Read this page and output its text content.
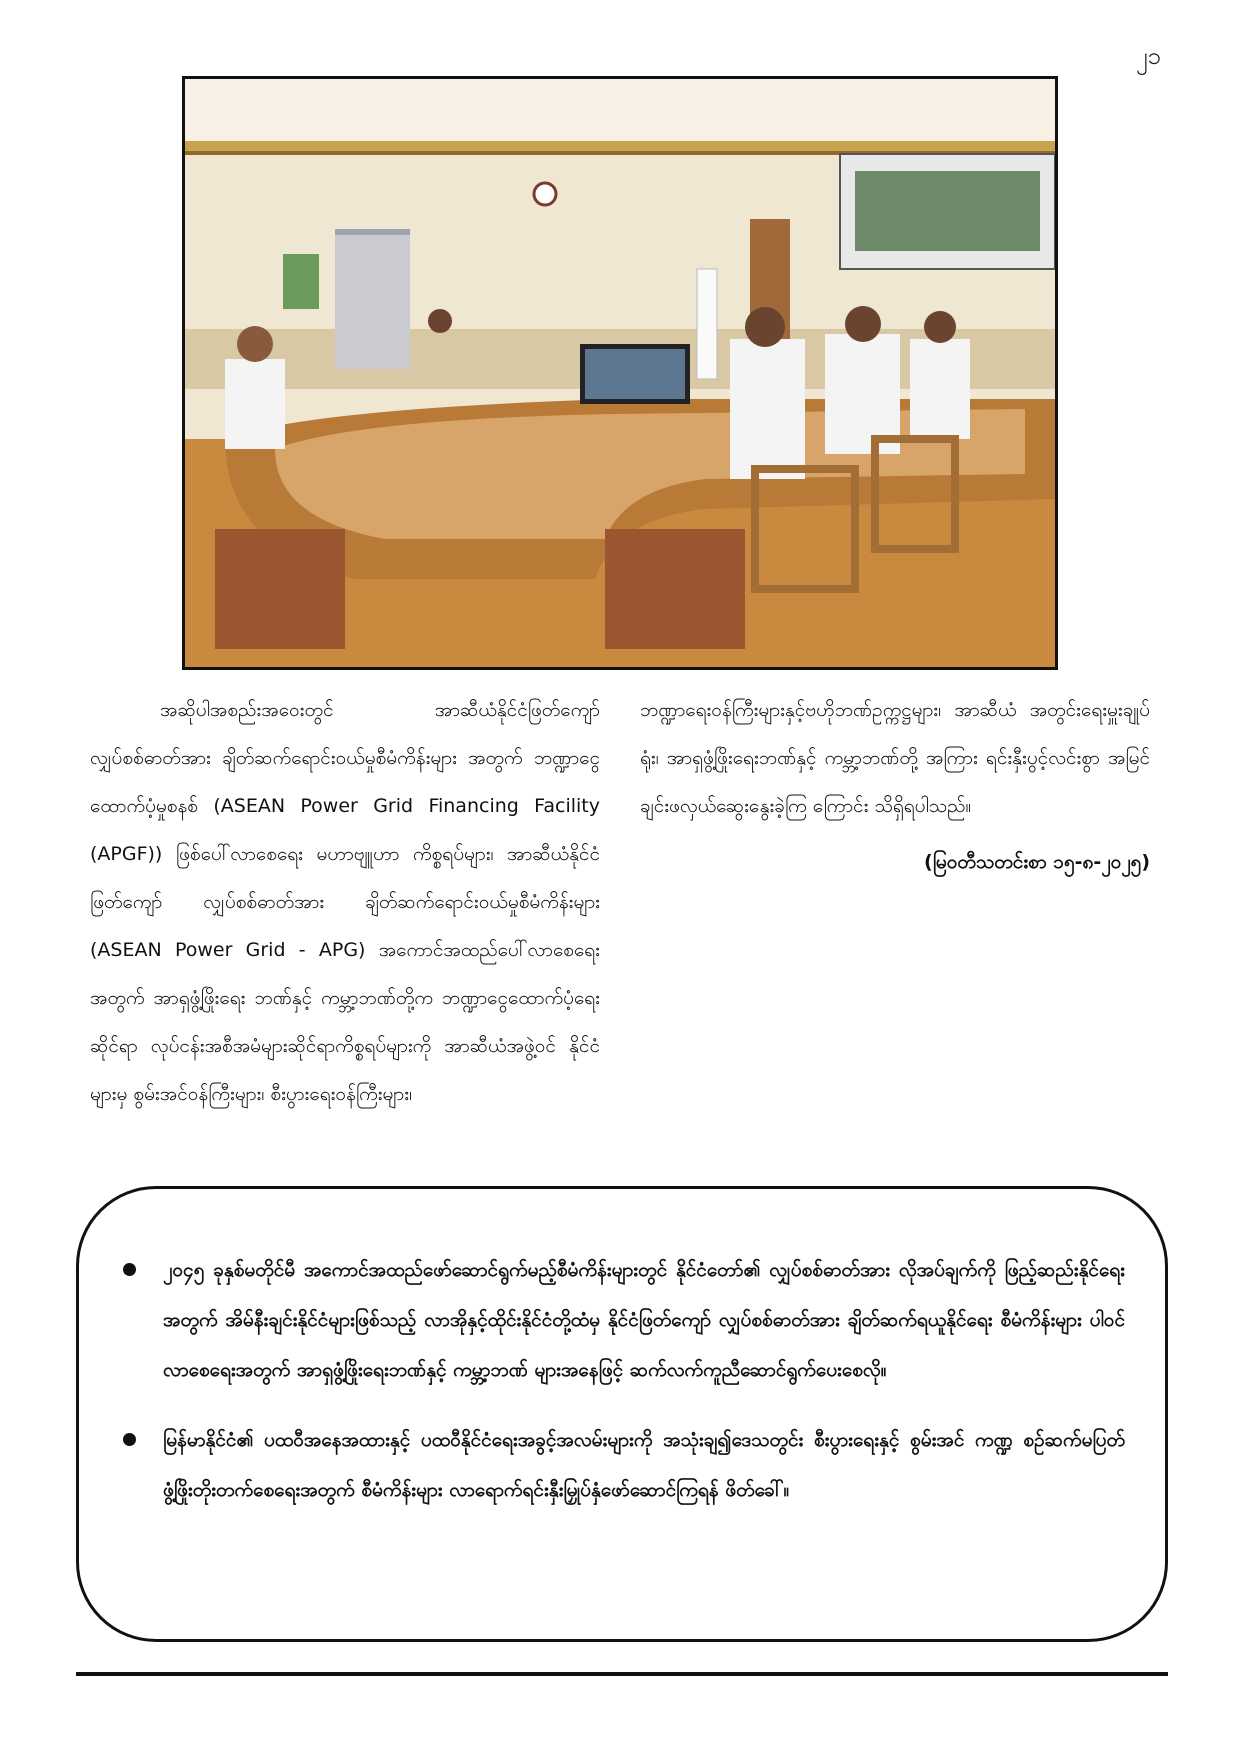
၂၁

အဆိုပါအစည်းအဝေးတွင် အာဆီယံနိုင်ငံဖြတ်ကျော် လျှပ်စစ်ဓာတ်အား ချိတ်ဆက်ရောင်းဝယ်မှုစီမံကိန်းများ အတွက် ဘဏ္ဍာငွေထောက်ပံ့မှုစနစ် (ASEAN Power Grid Financing Facility (APGF)) ဖြစ်ပေါ်လာစေရေး မဟာဗျူဟာ ကိစ္စရပ်များ၊ အာဆီယံနိုင်ငံဖြတ်ကျော် လျှပ်စစ်ဓာတ်အား ချိတ်ဆက်ရောင်းဝယ်မှုစီမံကိန်းများ (ASEAN Power Grid - APG) အကောင်အထည်ပေါ်လာစေရေးအတွက် အာရှဖွံ့ဖြိုးရေး ဘဏ်နှင့် ကမ္ဘာ့ဘဏ်တို့က ဘဏ္ဍာငွေထောက်ပံ့ရေးဆိုင်ရာ လုပ်ငန်းအစီအမံများဆိုင်ရာကိစ္စရပ်များကို အာဆီယံအဖွဲ့ဝင် နိုင်ငံများမှ စွမ်းအင်ဝန်ကြီးများ၊ စီးပွားရေးဝန်ကြီးများ၊

ဘဏ္ဍာရေးဝန်ကြီးများနှင့်ဗဟိုဘဏ်ဥက္ကဋ္ဌများ၊ အာဆီယံ အတွင်းရေးမှူးချုပ်ရုံး၊ အာရှဖွံ့ဖြိုးရေးဘဏ်နှင့် ကမ္ဘာ့ဘဏ်တို့ အကြား ရင်းနှီးပွင့်လင်းစွာ အမြင်ချင်းဖလှယ်ဆွေးနွေးခဲ့ကြ ကြောင်း သိရှိရပါသည်။

(မြဝတီသတင်းစာ ၁၅-၈-၂၀၂၅)

၂၀၄၅ ခုနှစ်မတိုင်မီ အကောင်အထည်ဖော်ဆောင်ရွက်မည့်စီမံကိန်းများတွင် နိုင်ငံတော်၏ လျှပ်စစ်ဓာတ်အား လိုအပ်ချက်ကို ဖြည့်ဆည်းနိုင်ရေးအတွက် အိမ်နီးချင်းနိုင်ငံများဖြစ်သည့် လာအိုနှင့်ထိုင်းနိုင်ငံတို့ထံမှ နိုင်ငံဖြတ်ကျော် လျှပ်စစ်ဓာတ်အား ချိတ်ဆက်ရယူနိုင်ရေး စီမံကိန်းများ ပါဝင်လာစေရေးအတွက် အာရှဖွံ့ဖြိုးရေးဘဏ်နှင့် ကမ္ဘာ့ဘဏ် များအနေဖြင့် ဆက်လက်ကူညီဆောင်ရွက်ပေးစေလို။
မြန်မာနိုင်ငံ၏ ပထဝီအနေအထားနှင့် ပထဝီနိုင်ငံရေးအခွင့်အလမ်းများကို အသုံးချ၍ဒေသတွင်း စီးပွားရေးနှင့် စွမ်းအင် ကဏ္ဍ စဉ်ဆက်မပြတ်ဖွံ့ဖြိုးတိုးတက်စေရေးအတွက် စီမံကိန်းများ လာရောက်ရင်းနှီးမြှုပ်နှံဖော်ဆောင်ကြရန် ဖိတ်ခေါ်။
